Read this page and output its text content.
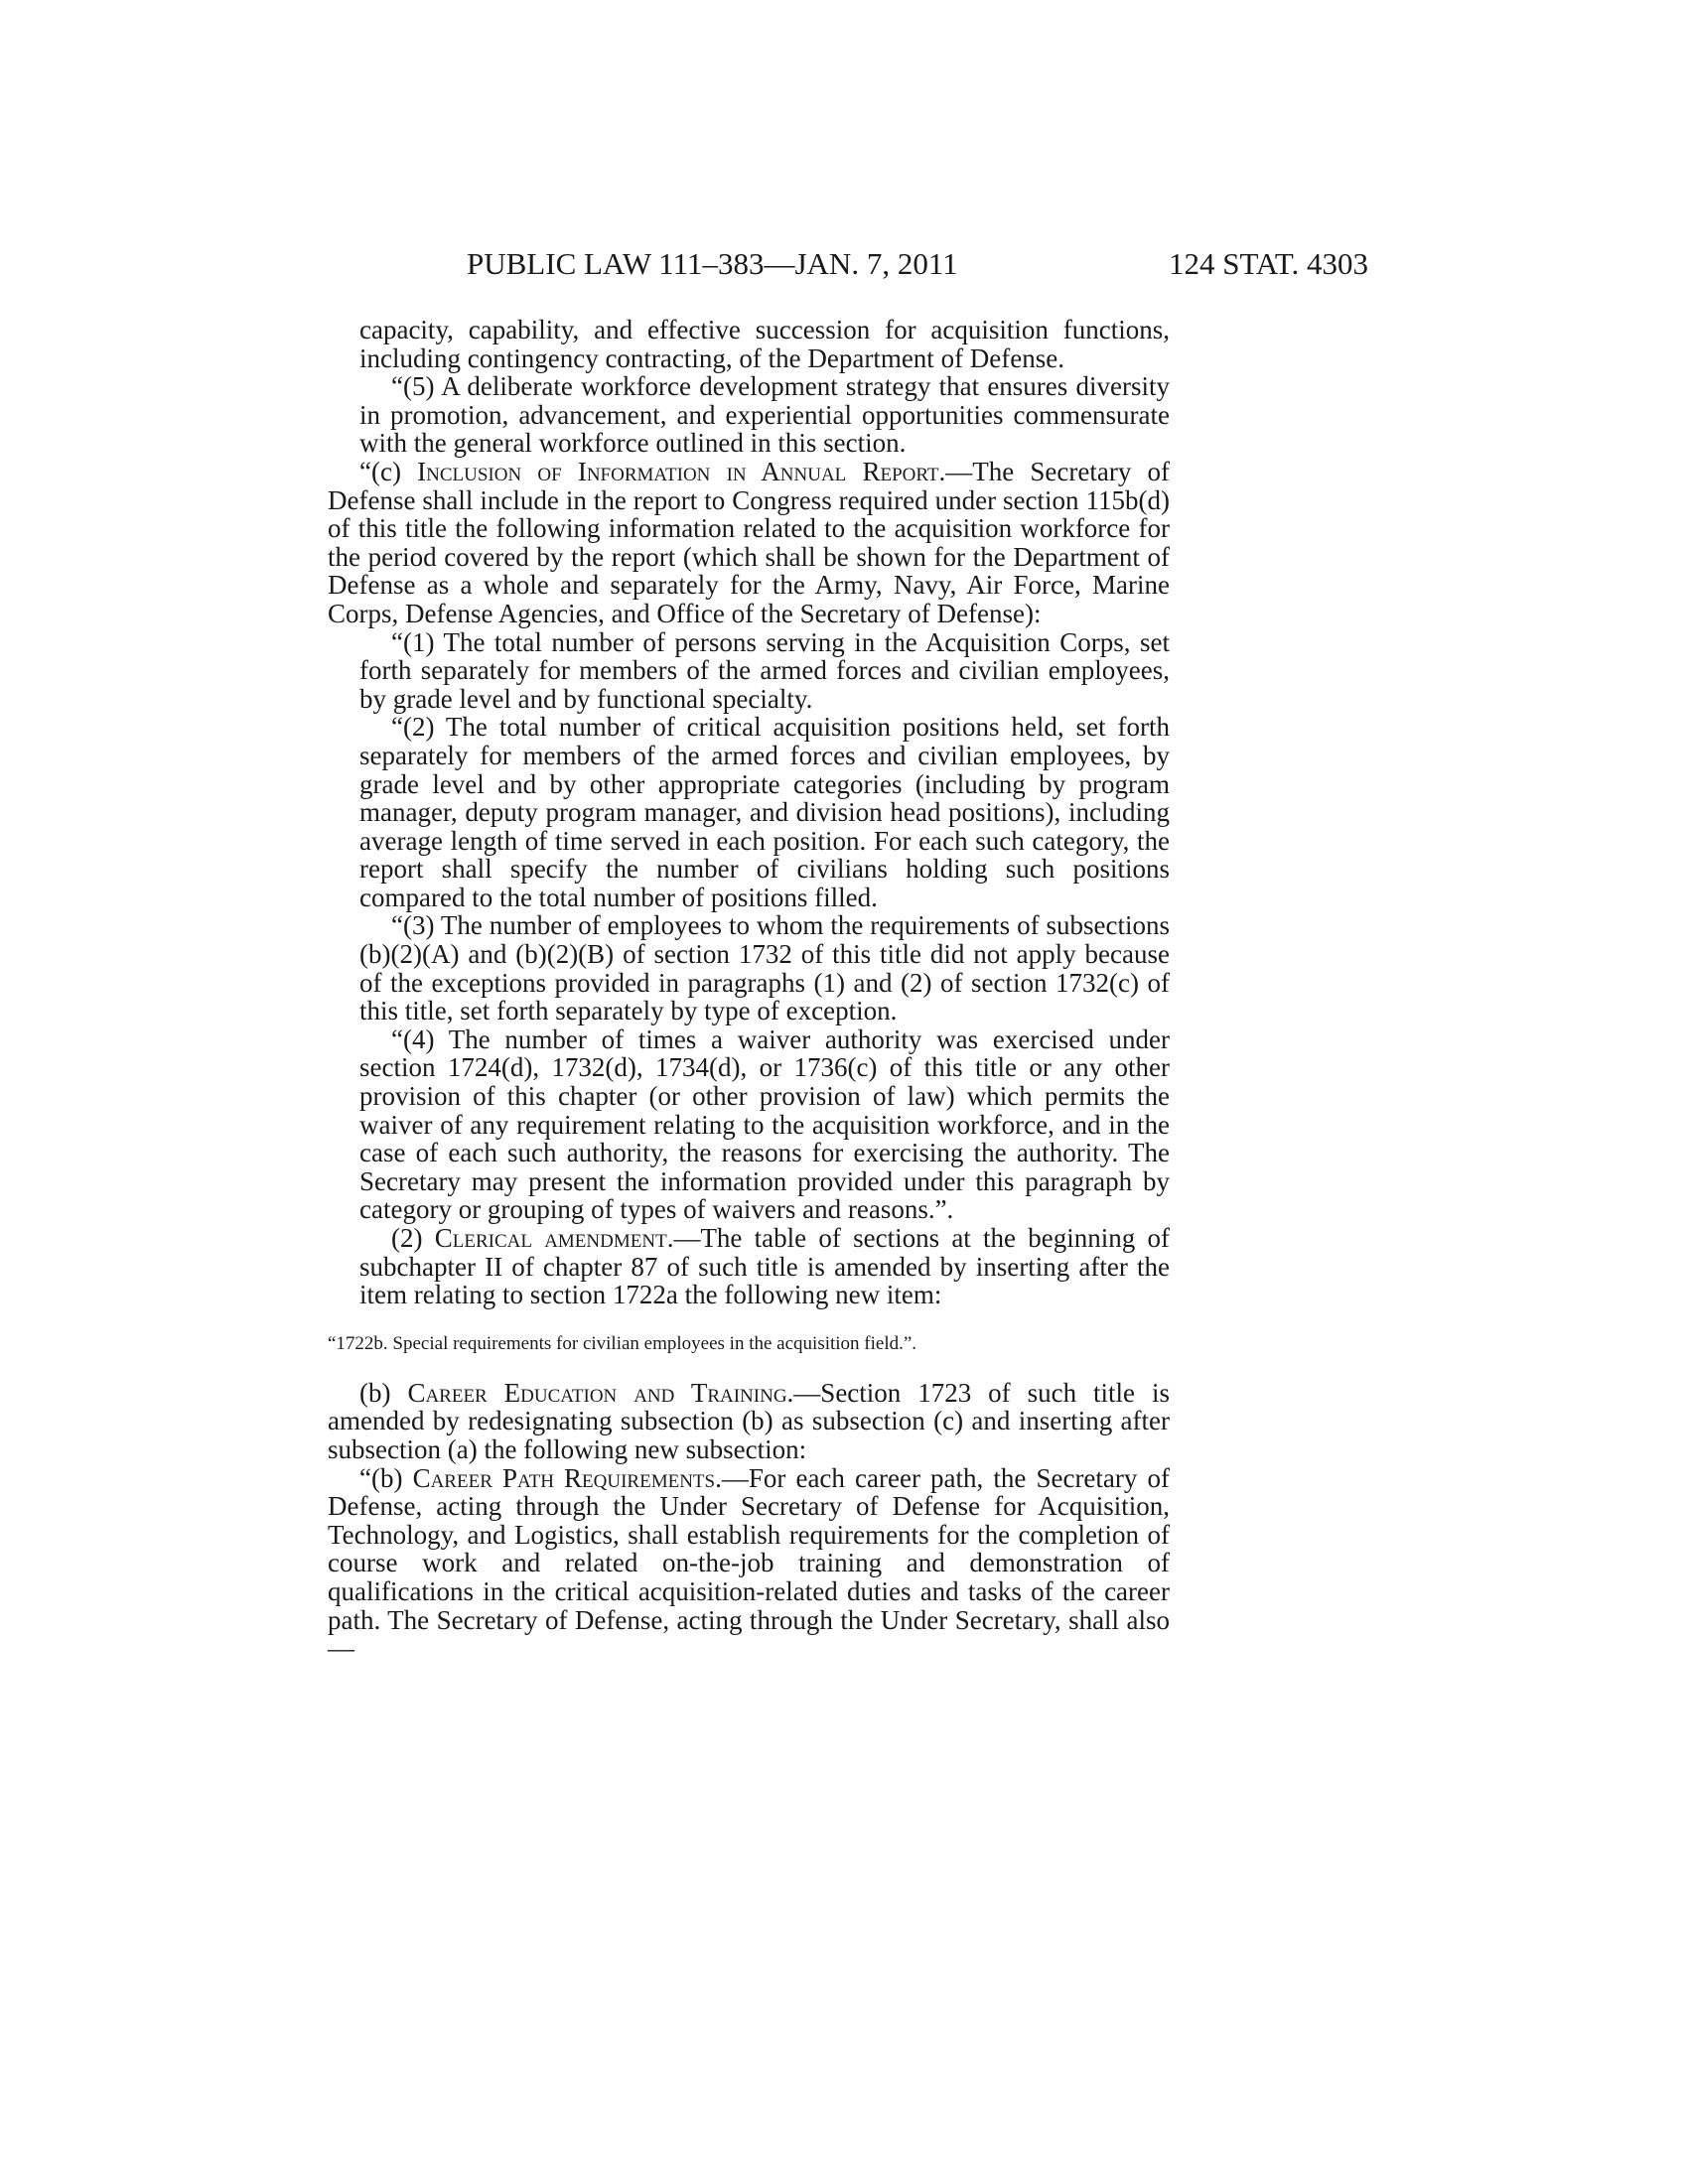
PUBLIC LAW 111–383—JAN. 7, 2011	124 STAT. 4303

capacity, capability, and effective succession for acquisition functions, including contingency contracting, of the Department of Defense.

“(5) A deliberate workforce development strategy that ensures diversity in promotion, advancement, and experiential opportunities commensurate with the general workforce outlined in this section.

“(c) Inclusion of Information in Annual Report.—The Secretary of Defense shall include in the report to Congress required under section 115b(d) of this title the following information related to the acquisition workforce for the period covered by the report (which shall be shown for the Department of Defense as a whole and separately for the Army, Navy, Air Force, Marine Corps, Defense Agencies, and Office of the Secretary of Defense):

“(1) The total number of persons serving in the Acquisition Corps, set forth separately for members of the armed forces and civilian employees, by grade level and by functional specialty.

“(2) The total number of critical acquisition positions held, set forth separately for members of the armed forces and civilian employees, by grade level and by other appropriate categories (including by program manager, deputy program manager, and division head positions), including average length of time served in each position. For each such category, the report shall specify the number of civilians holding such positions compared to the total number of positions filled.

“(3) The number of employees to whom the requirements of subsections (b)(2)(A) and (b)(2)(B) of section 1732 of this title did not apply because of the exceptions provided in paragraphs (1) and (2) of section 1732(c) of this title, set forth separately by type of exception.

“(4) The number of times a waiver authority was exercised under section 1724(d), 1732(d), 1734(d), or 1736(c) of this title or any other provision of this chapter (or other provision of law) which permits the waiver of any requirement relating to the acquisition workforce, and in the case of each such authority, the reasons for exercising the authority. The Secretary may present the information provided under this paragraph by category or grouping of types of waivers and reasons.”.

(2) Clerical amendment.—The table of sections at the beginning of subchapter II of chapter 87 of such title is amended by inserting after the item relating to section 1722a the following new item:

“1722b. Special requirements for civilian employees in the acquisition field.”.

(b) Career Education and Training.—Section 1723 of such title is amended by redesignating subsection (b) as subsection (c) and inserting after subsection (a) the following new subsection:

“(b) Career Path Requirements.—For each career path, the Secretary of Defense, acting through the Under Secretary of Defense for Acquisition, Technology, and Logistics, shall establish requirements for the completion of course work and related on-the-job training and demonstration of qualifications in the critical acquisition-related duties and tasks of the career path. The Secretary of Defense, acting through the Under Secretary, shall also—
